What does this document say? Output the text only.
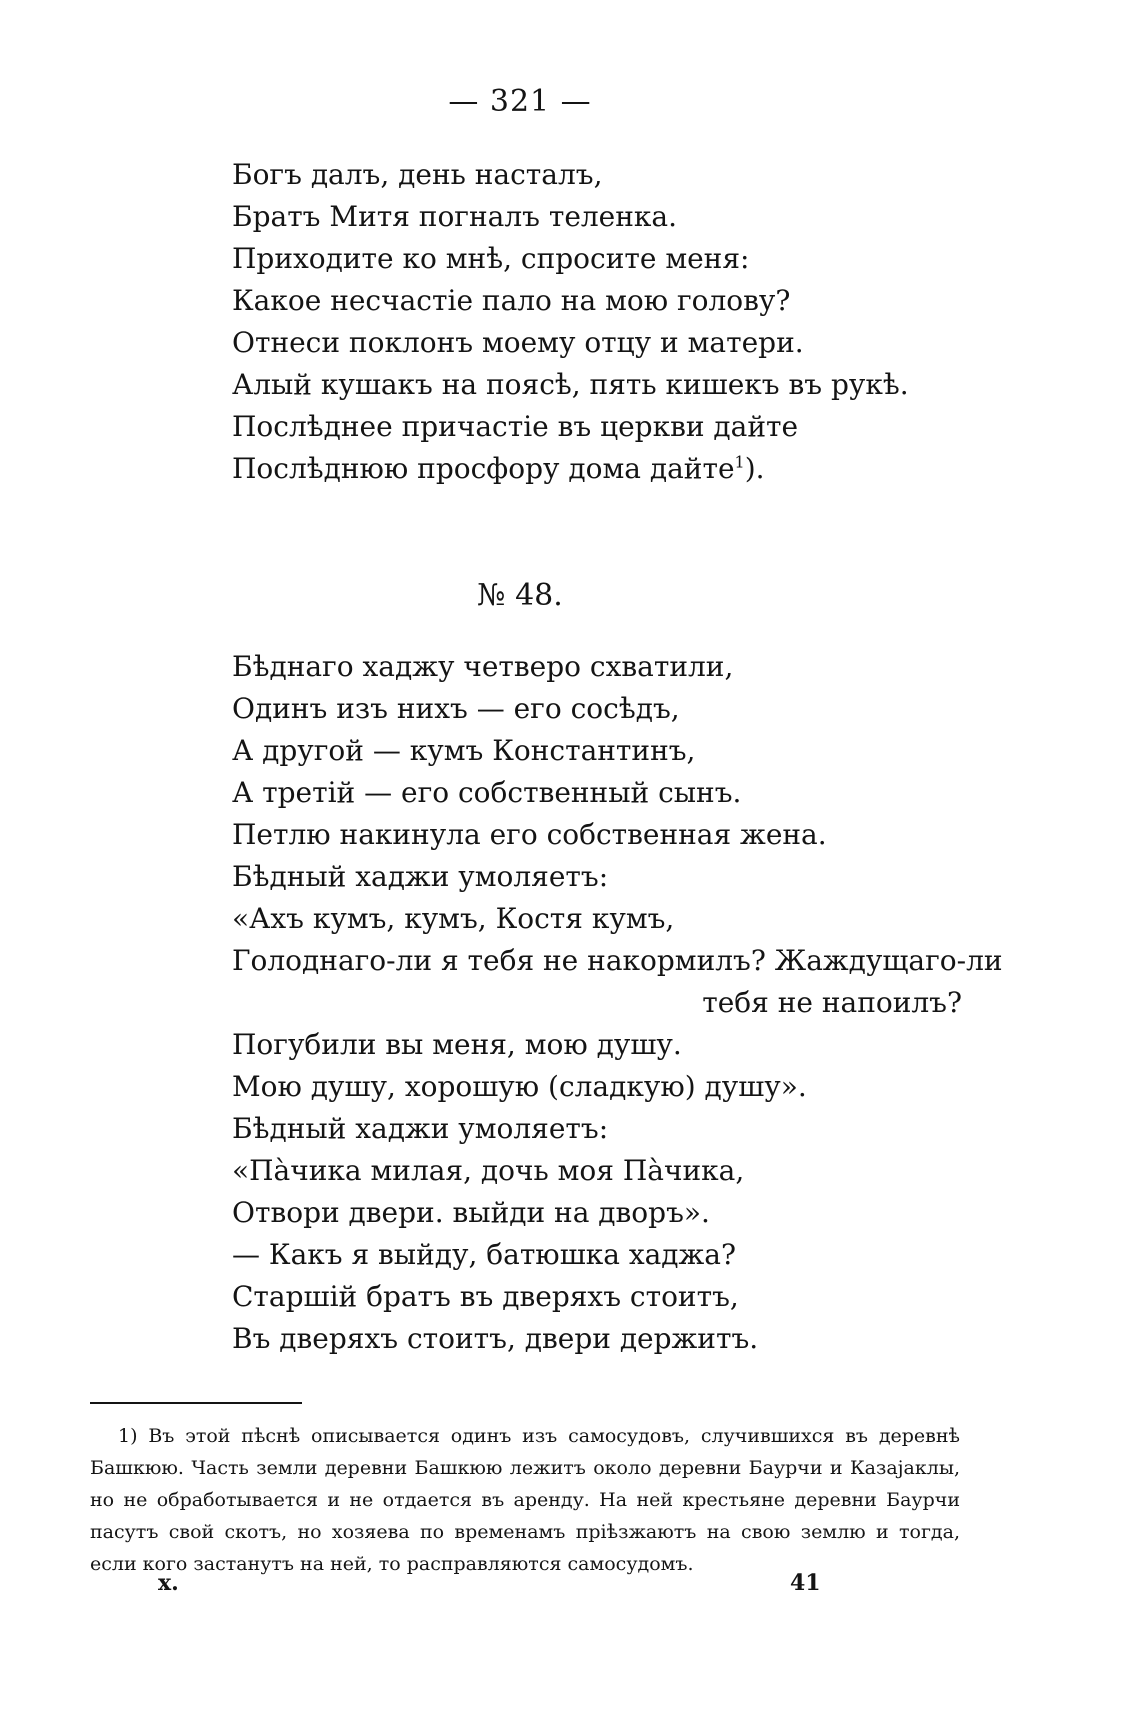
— 321 —
Богъ далъ, день насталъ,
Братъ Митя погналъ теленка.
Приходите ко мнѣ, спросите меня:
Какое несчастіе пало на мою голову?
Отнеси поклонъ моему отцу и матери.
Алый кушакъ на поясѣ, пять кишекъ въ рукѣ.
Послѣднее причастіе въ церкви дайте
Послѣднюю просфору дома дайте$^1$).
№ 48.
Бѣднаго хаджу четверо схватили,
Одинъ изъ нихъ — его сосѣдъ,
А другой — кумъ Константинъ,
А третій — его собственный сынъ.
Петлю накинула его собственная жена.
Бѣдный хаджи умоляетъ:
«Ахъ кумъ, кумъ, Костя кумъ,
Голоднаго-ли я тебя не накормилъ? Жаждущаго-ли
тебя не напоилъ?
Погубили вы меня, мою душу.
Мою душу, хорошую (сладкую) душу».
Бѣдный хаджи умоляетъ:
«Пàчика милая, дочь моя Пàчика,
Отвори двери. выйди на дворъ».
— Какъ я выйду, батюшка хаджа?
Старшій братъ въ дверяхъ стоитъ,
Въ дверяхъ стоитъ, двери держитъ.
1) Въ этой пѣснѣ описывается одинъ изъ самосудовъ, случившихся въ деревнѣ Башкюю. Часть земли деревни Башкюю лежитъ около деревни Баурчи и Казајаклы, но не обработывается и не отдается въ аренду. На ней крестьяне деревни Баурчи пасутъ свой скотъ, но хозяева по временамъ пріѣзжаютъ на свою землю и тогда, если кого застанутъ на ней, то расправляются самосудомъ.
х.	41
